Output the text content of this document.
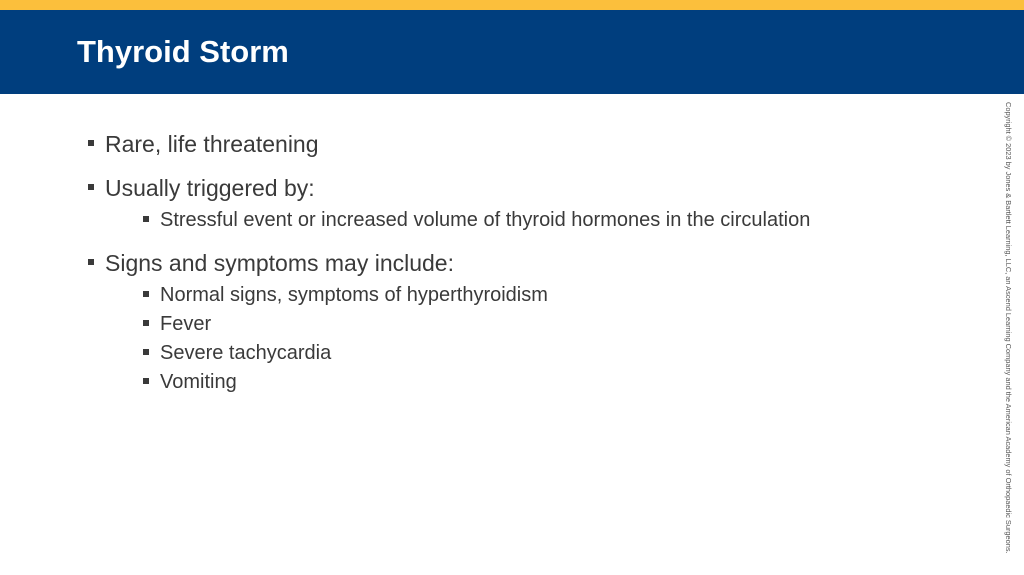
Thyroid Storm
Rare, life threatening
Usually triggered by:
Stressful event or increased volume of thyroid hormones in the circulation
Signs and symptoms may include:
Normal signs, symptoms of hyperthyroidism
Fever
Severe tachycardia
Vomiting	Copyright © 2023 by Jones & Bartlett Learning, LLC, an Ascend Learning Company and the American Academy of Orthopaedic Surgeons.
